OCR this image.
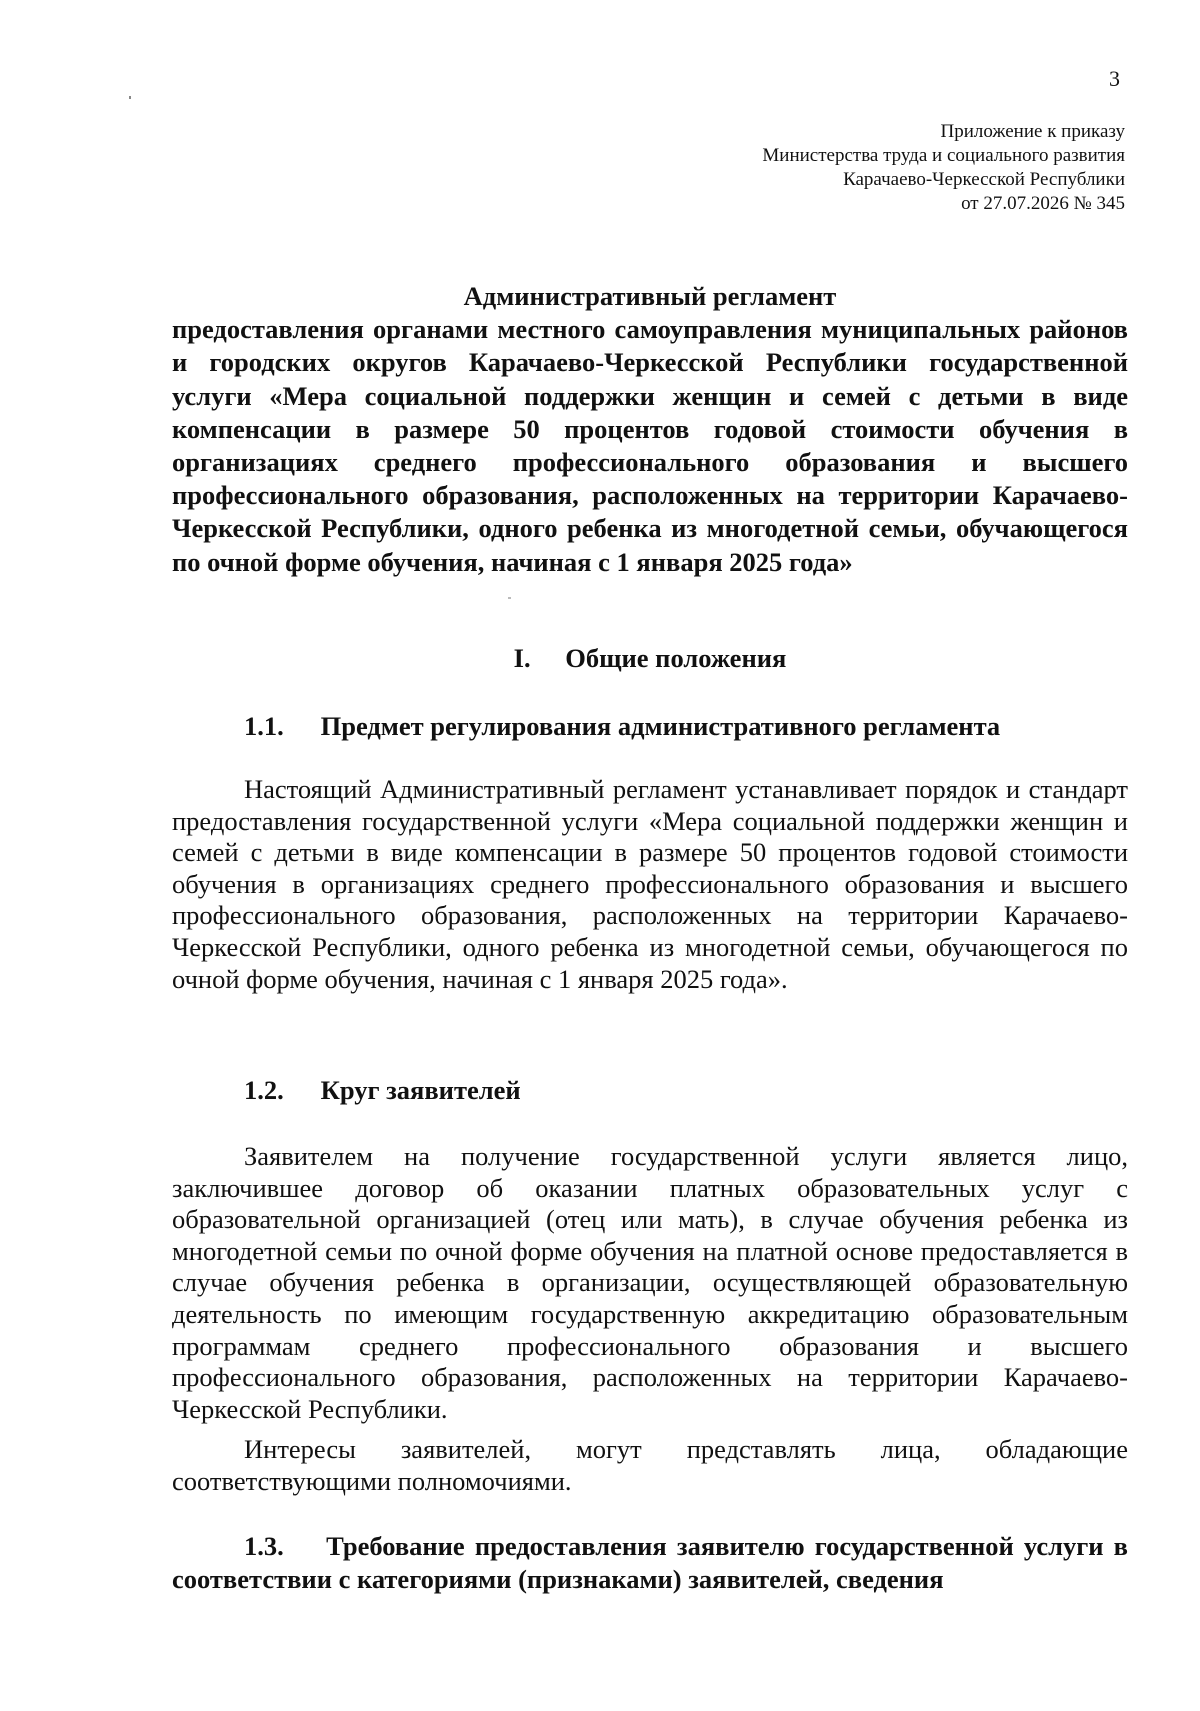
3
Приложение к приказу
Министерства труда и социального развития
Карачаево-Черкесской Республики
от 27.07.2026 № 345

Административный регламент

предоставления органами местного самоуправления муниципальных районов и городских округов Карачаево-Черкесской Республики государственной услуги «Мера социальной поддержки женщин и семей с детьми в виде компенсации в размере 50 процентов годовой стоимости обучения в организациях среднего профессионального образования и высшего профессионального образования, расположенных на территории Карачаево-Черкесской Республики, одного ребенка из многодетной семьи, обучающегося по очной форме обучения, начиная с 1 января 2025 года»

I. Общие положения
1.1. Предмет регулирования административного регламента

Настоящий Административный регламент устанавливает порядок и стандарт предоставления государственной услуги «Мера социальной поддержки женщин и семей с детьми в виде компенсации в размере 50 процентов годовой стоимости обучения в организациях среднего профессионального образования и высшего профессионального образования, расположенных на территории Карачаево-Черкесской Республики, одного ребенка из многодетной семьи, обучающегося по очной форме обучения, начиная с 1 января 2025 года».

1.2. Круг заявителей

Заявителем на получение государственной услуги является лицо, заключившее договор об оказании платных образовательных услуг с образовательной организацией (отец или мать), в случае обучения ребенка из многодетной семьи по очной форме обучения на платной основе предоставляется в случае обучения ребенка в организации, осуществляющей образовательную деятельность по имеющим государственную аккредитацию образовательным программам среднего профессионального образования и высшего профессионального образования, расположенных на территории Карачаево-Черкесской Республики.

Интересы заявителей, могут представлять лица, обладающие соответствующими полномочиями.

1.3. Требование предоставления заявителю государственной услуги в соответствии с категориями (признаками) заявителей, сведения
